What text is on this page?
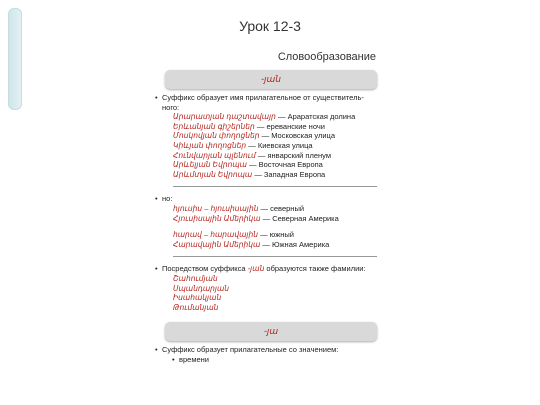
Урок 12-3
Словообразование
-յան
• Суффикс образует имя прилагательное от существитель-ного:
Արարատյան դաշտավայր — Араратская долина
Երևանյան գիշերներ — ереванские ночи
Մոսկովյան փողոցներ — Московская улица
Կիևյան փողոցներ — Киевская улица
Հունվարյան պլենում — январский пленум
Արևելյան Եվրոպա — Восточная Европа
Արևմտյան Եվրոպա — Западная Европа
• но:
հյուսիս – հյուսիսային — северный
Հյուսիսային Ամերիկա — Северная Америка
հարավ – հարավային — южный
Հարավային Ամերիկա — Южная Америка
• Посредством суффикса -յան образуются также фамилии:
Շահումյան
Սպանդարյան
Իսահակյան
Թումանյան
-յա
• Суффикс образует прилагательные со значением:
• времени
